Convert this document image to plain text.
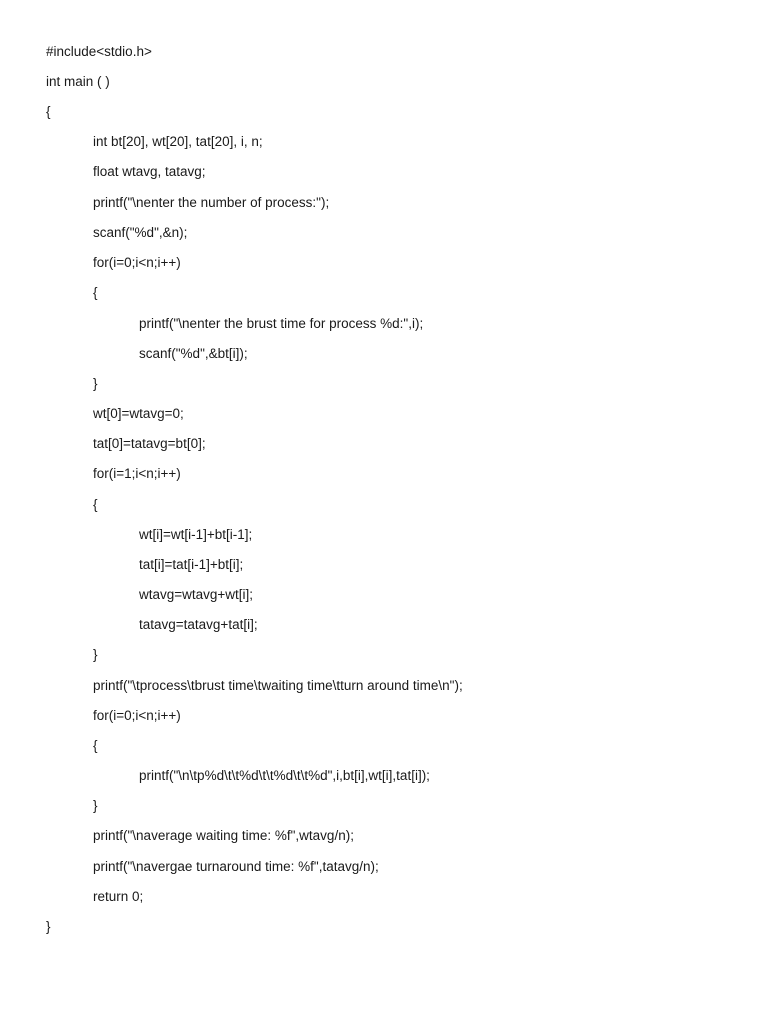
#include<stdio.h>

int main ( )

{

int bt[20], wt[20], tat[20], i, n;

float wtavg, tatavg;

printf("\nenter the number of process:");

scanf("%d",&n);

for(i=0;i<n;i++)

{

printf("\nenter the brust time for process %d:",i);

scanf("%d",&bt[i]);

}

wt[0]=wtavg=0;

tat[0]=tatavg=bt[0];

for(i=1;i<n;i++)

{

wt[i]=wt[i-1]+bt[i-1];

tat[i]=tat[i-1]+bt[i];

wtavg=wtavg+wt[i];

tatavg=tatavg+tat[i];

}

printf("\tprocess\tbrust time\twaiting time\tturn around time\n");

for(i=0;i<n;i++)

{

printf("\n\tp%d\t\t%d\t\t%d\t\t%d",i,bt[i],wt[i],tat[i]);

}

printf("\naverage waiting time: %f",wtavg/n);

printf("\navergae turnaround time: %f",tatavg/n);

return 0;

}
